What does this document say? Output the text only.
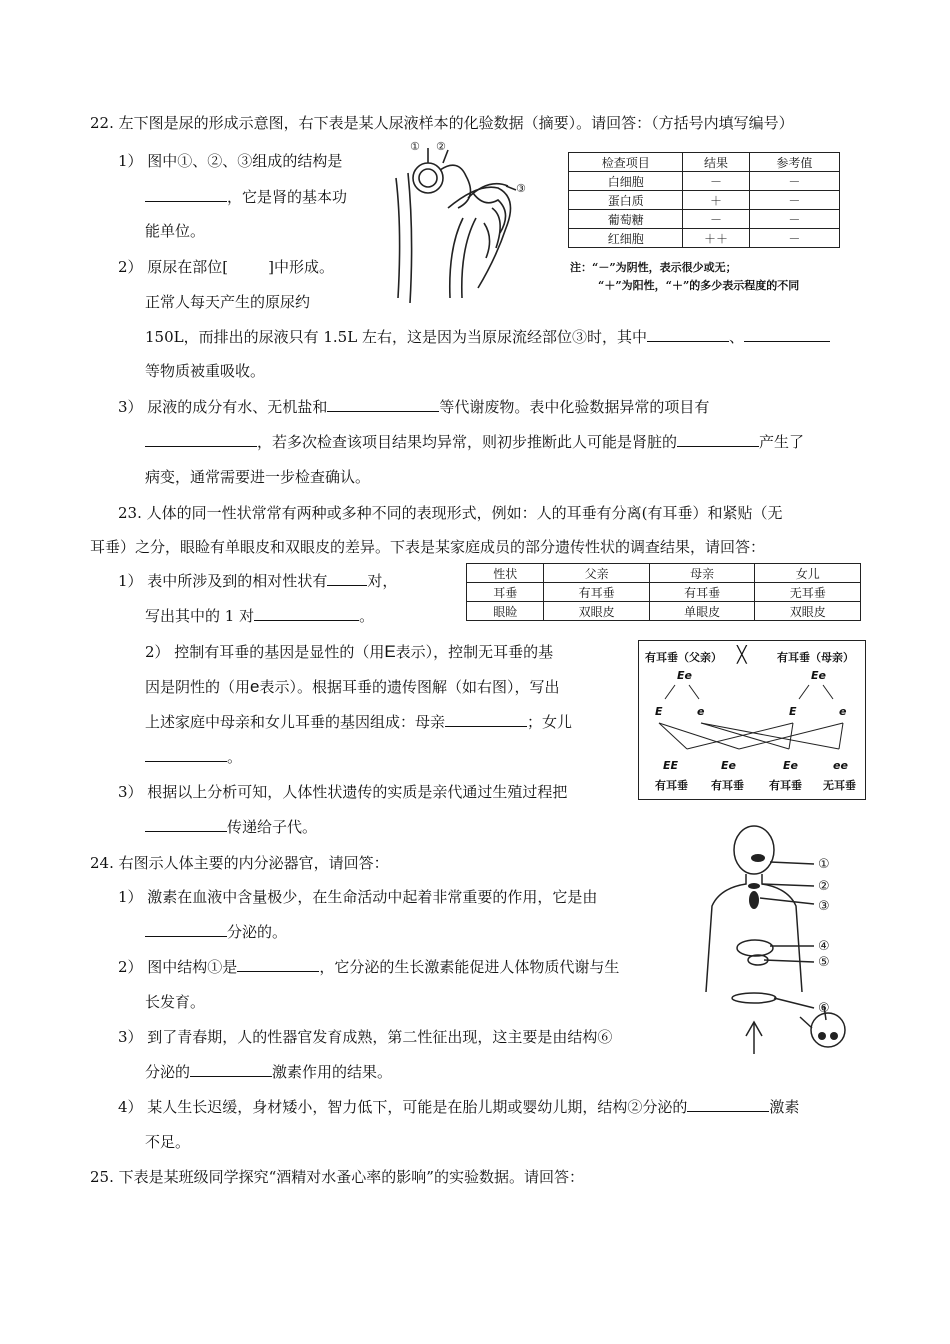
22. 左下图是尿的形成示意图，右下表是某人尿液样本的化验数据（摘要）。请回答：（方括号内填写编号）
1） 图中①、②、③组成的结构是
，它是肾的基本功
能单位。
2） 原尿在部位[	]中形成。
正常人每天产生的原尿约
150L，而排出的尿液只有 1.5L 左右，这是因为当原尿流经部位③时，其中	、
等物质被重吸收。
3） 尿液的成分有水、无机盐和	等代谢废物。表中化验数据异常的项目有
，若多次检查该项目结果均异常，则初步推断此人可能是肾脏的	产生了
病变，通常需要进一步检查确认。
① ②
③
检查项目	结果	参考值
白细胞	－	－
蛋白质	＋	－
葡萄糖	－	－
红细胞	＋＋	－
注：“－”为阴性，表示很少或无；
“＋”为阳性，“＋”的多少表示程度的不同
23. 人体的同一性状常常有两种或多种不同的表现形式，例如：人的耳垂有分离(有耳垂）和紧贴（无
耳垂）之分，眼睑有单眼皮和双眼皮的差异。下表是某家庭成员的部分遗传性状的调查结果，请回答：
1） 表中所涉及到的相对性状有	对，
写出其中的 1 对	。
性状	父亲	母亲	女儿
耳垂	有耳垂	有耳垂	无耳垂
眼睑	双眼皮	单眼皮	双眼皮
2） 控制有耳垂的基因是显性的（用E表示），控制无耳垂的基
因是阴性的（用e表示）。根据耳垂的遗传图解（如右图），写出
上述家庭中母亲和女儿耳垂的基因组成：母亲	；女儿
。
3） 根据以上分析可知，人体性状遗传的实质是亲代通过生殖过程把
传递给子代。
有耳垂（父亲） ╳	有耳垂（母亲）
Ee	Ee
E	e	E	e
EE	Ee	Ee	ee
有耳垂 有耳垂 有耳垂 无耳垂
24. 右图示人体主要的内分泌器官，请回答：
1） 激素在血液中含量极少，在生命活动中起着非常重要的作用，它是由
分泌的。
2） 图中结构①是	，它分泌的生长激素能促进人体物质代谢与生
长发育。
3） 到了青春期，人的性器官发育成熟，第二性征出现，这主要是由结构⑥
分泌的	激素作用的结果。
4） 某人生长迟缓，身材矮小，智力低下，可能是在胎儿期或婴幼儿期，结构②分泌的	激素
不足。
①
②
③
④
⑤
⑥
25. 下表是某班级同学探究“酒精对水蚤心率的影响”的实验数据。请回答：
